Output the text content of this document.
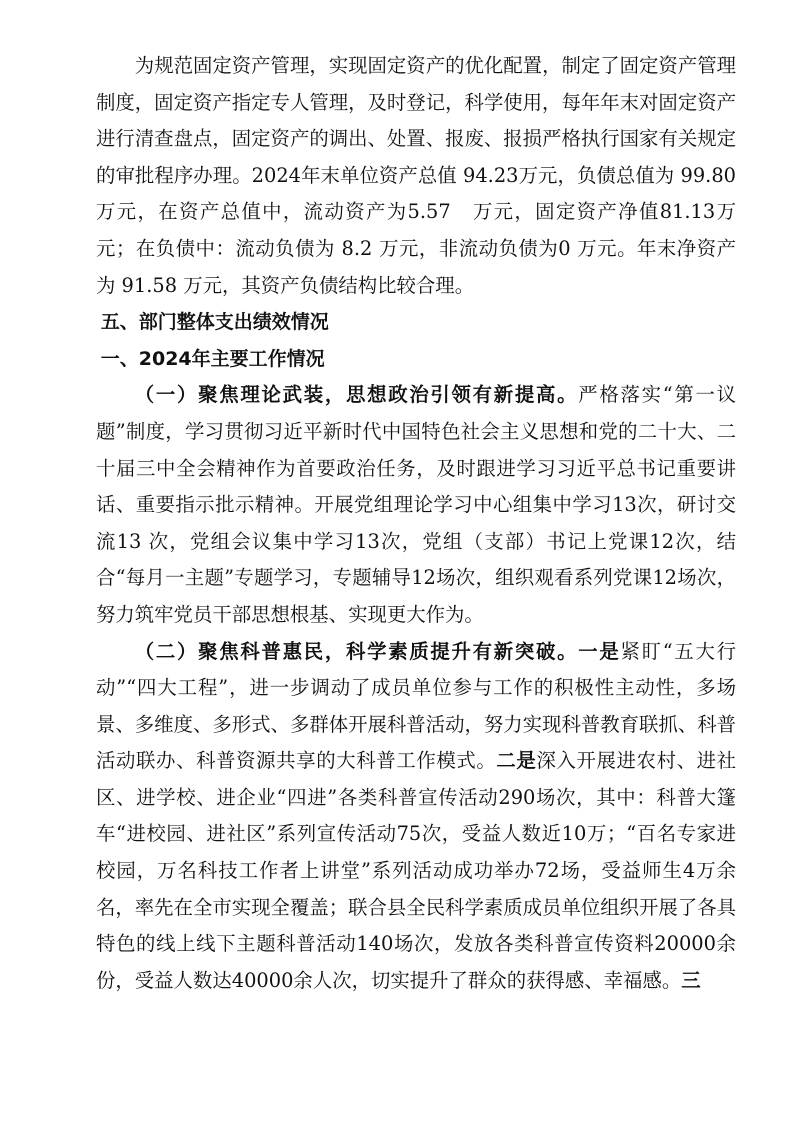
为规范固定资产管理，实现固定资产的优化配置，制定了固定资产管理制度，固定资产指定专人管理，及时登记，科学使用，每年年末对固定资产进行清查盘点，固定资产的调出、处置、报废、报损严格执行国家有关规定的审批程序办理。2024年末单位资产总值 94.23万元，负债总值为 99.80万元，在资产总值中，流动资产为5.57　万元，固定资产净值81.13万元；在负债中：流动负债为 8.2 万元，非流动负债为0 万元。年末净资产为 91.58 万元，其资产负债结构比较合理。

五、部门整体支出绩效情况

一、2024年主要工作情况

（一）聚焦理论武装，思想政治引领有新提高。严格落实“第一议题”制度，学习贯彻习近平新时代中国特色社会主义思想和党的二十大、二十届三中全会精神作为首要政治任务，及时跟进学习习近平总书记重要讲话、重要指示批示精神。开展党组理论学习中心组集中学习13次，研讨交流13 次，党组会议集中学习13次，党组（支部）书记上党课12次，结合“每月一主题”专题学习，专题辅导12场次，组织观看系列党课12场次，努力筑牢党员干部思想根基、实现更大作为。

（二）聚焦科普惠民，科学素质提升有新突破。一是紧盯“五大行动”“四大工程”，进一步调动了成员单位参与工作的积极性主动性，多场景、多维度、多形式、多群体开展科普活动，努力实现科普教育联抓、科普活动联办、科普资源共享的大科普工作模式。二是深入开展进农村、进社区、进学校、进企业“四进”各类科普宣传活动290场次，其中：科普大篷车“进校园、进社区”系列宣传活动75次，受益人数近10万；“百名专家进校园，万名科技工作者上讲堂”系列活动成功举办72场，受益师生4万余名，率先在全市实现全覆盖；联合县全民科学素质成员单位组织开展了各具特色的线上线下主题科普活动140场次，发放各类科普宣传资料20000余份，受益人数达40000余人次，切实提升了群众的获得感、幸福感。三
